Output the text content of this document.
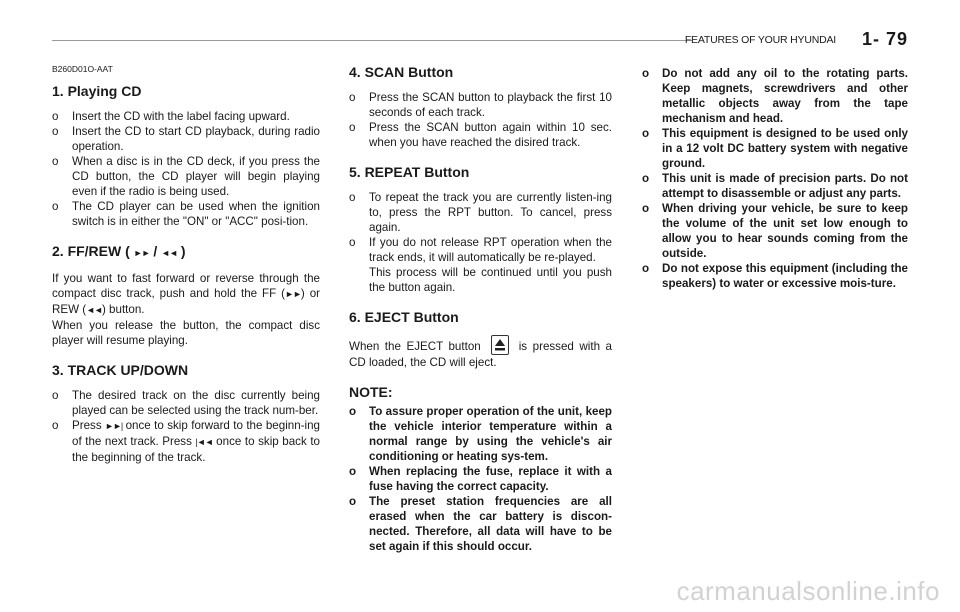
FEATURES OF YOUR HYUNDAI 1- 79
B260D01O-AAT
1. Playing CD
o Insert the CD with the label facing upward.
o Insert the CD to start CD playback, during radio operation.
o When a disc is in the CD deck, if you press the CD button, the CD player will begin playing even if the radio is being used.
o The CD player can be used when the ignition switch is in either the "ON" or "ACC" posi-tion.
2. FF/REW ( ►► / ◄◄ )

If you want to fast forward or reverse through the compact disc track, push and hold the FF (►►) or REW (◄◄) button.

When you release the button, the compact disc player will resume playing.

3. TRACK UP/DOWN
o The desired track on the disc currently being played can be selected using the track num-ber.
o Press ►►| once to skip forward to the beginn-ing of the next track. Press |◄◄ once to skip back to the beginning of the track.
4. SCAN Button
o Press the SCAN button to playback the first 10 seconds of each track.
o Press the SCAN button again within 10 sec. when you have reached the disired track.
5. REPEAT Button
o To repeat the track you are currently listen-ing to, press the RPT button. To cancel, press again.
o If you do not release RPT operation when the track ends, it will automatically be re-played.
This process will be continued until you push the button again.
6. EJECT Button

When the EJECT button	is pressed with a CD loaded, the CD will eject.

NOTE:
o To assure proper operation of the unit, keep the vehicle interior temperature within a normal range by using the vehicle's air conditioning or heating sys-tem.
o When replacing the fuse, replace it with a fuse having the correct capacity.
o The preset station frequencies are all erased when the car battery is discon-nected. Therefore, all data will have to be set again if this should occur.
o Do not add any oil to the rotating parts. Keep magnets, screwdrivers and other metallic objects away from the tape mechanism and head.
o This equipment is designed to be used only in a 12 volt DC battery system with negative ground.
o This unit is made of precision parts. Do not attempt to disassemble or adjust any parts.
o When driving your vehicle, be sure to keep the volume of the unit set low enough to allow you to hear sounds coming from the outside.
o Do not expose this equipment (including the speakers) to water or excessive mois-ture.
carmanualsonline.info
